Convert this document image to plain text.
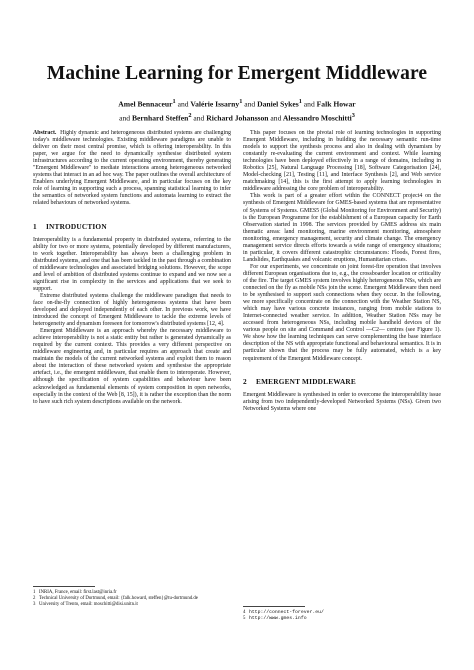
Machine Learning for Emergent Middleware
Amel Bennaceur$^1$ and Valérie Issarny$^1$ and Daniel Sykes$^1$ and Falk Howar
and Bernhard Steffen$^2$ and Richard Johansson and Alessandro Moschitti$^3$

Abstract. Highly dynamic and heterogeneous distributed systems are challenging today's middleware technologies. Existing middleware paradigms are unable to deliver on their most central promise, which is offering interoperability. In this paper, we argue for the need to dynamically synthesise distributed system infrastructures according to the current operating environment, thereby generating "Emergent Middleware" to mediate interactions among heterogeneous networked systems that interact in an ad hoc way. The paper outlines the overall architecture of Enablers underlying Emergent Middleware, and in particular focuses on the key role of learning in supporting such a process, spanning statistical learning to infer the semantics of networked system functions and automata learning to extract the related behaviours of networked systems.

1 INTRODUCTION

Interoperability is a fundamental property in distributed systems, referring to the ability for two or more systems, potentially developed by different manufacturers, to work together. Interoperability has always been a challenging problem in distributed systems, and one that has been tackled in the past through a combination of middleware technologies and associated bridging solutions. However, the scope and level of ambition of distributed systems continue to expand and we now see a significant rise in complexity in the services and applications that we seek to support.

Extreme distributed systems challenge the middleware paradigm that needs to face on-the-fly connection of highly heterogeneous systems that have been developed and deployed independently of each other. In previous work, we have introduced the concept of Emergent Middleware to tackle the extreme levels of heterogeneity and dynamism foreseen for tomorrow's distributed systems [12, 4].

Emergent Middleware is an approach whereby the necessary middleware to achieve interoperability is not a static entity but rather is generated dynamically as required by the current context. This provides a very different perspective on middleware engineering and, in particular requires an approach that create and maintain the models of the current networked systems and exploit them to reason about the interaction of these networked system and synthesise the appropriate artefact, i.e., the emergent middleware, that enable them to interoperate. However, although the specification of system capabilities and behaviour have been acknowledged as fundamental elements of system composition in open networks, especially in the context of the Web [8, 15]), it is rather the exception than the norm to have such rich system descriptions available on the network.

This paper focuses on the pivotal role of learning technologies in supporting Emergent Middleware, including in building the necessary semantic run-time models to support the synthesis process and also in dealing with dynamism by constantly re-evaluating the current environment and context. While learning technologies have been deployed effectively in a range of domains, including in Robotics [25], Natural Language Processing [18], Software Categorisation [24], Model-checking [21], Testing [11], and Interface Synthesis [2], and Web service matchmaking [14], this is the first attempt to apply learning technologies in middleware addressing the core problem of interoperability.

This work is part of a greater effort within the CONNECT project4 on the synthesis of Emergent Middleware for GMES-based systems that are representative of Systems of Systems. GMES5 (Global Monitoring for Environment and Security) is the European Programme for the establishment of a European capacity for Earth Observation started in 1998. The services provided by GMES address six main thematic areas: land monitoring, marine environment monitoring, atmosphere monitoring, emergency management, security and climate change. The emergency management service directs efforts towards a wide range of emergency situations; in particular, it covers different catastrophic circumstances: Floods, Forest fires, Landslides, Earthquakes and volcanic eruptions, Humanitarian crises.

For our experiments, we concentrate on joint forest-fire operation that involves different European organisations due to, e.g., the crossboarder location or criticality of the fire. The target GMES system involves highly heterogeneous NSs, which are connected on the fly as mobile NSs join the scene. Emergent Middleware then need to be synthesised to support such connections when they occur. In the following, we more specifically concentrate on the connection with the Weather Station NS, which may have various concrete instances, ranging from mobile stations to Internet-connected weather service. In addition, Weather Station NSs may be accessed from heterogeneous NSs, including mobile handheld devices of the various people on site and Command and Control —C2— centres (see Figure 1). We show how the learning techniques can serve complementing the base interface description of the NS with appropriate functional and behavioural semantics. It is in particular shown that the process may be fully automated, which is a key requirement of the Emergent Middleware concept.

2 EMERGENT MIDDLEWARE

Emergent Middleware is synthesised in order to overcome the interoperability issue arising from two independently-developed Networked Systems (NSs). Given two Networked Systems where one

1 INRIA, France, email: first.last@inria.fr
2 Technical University of Dortmund, email: {falk.howard, steffen}@tu-dortmund.de
3 University of Trento, email: moschitti@disi.unitn.it
4 http://connect-forever.eu/
5 http://www.gmes.info
